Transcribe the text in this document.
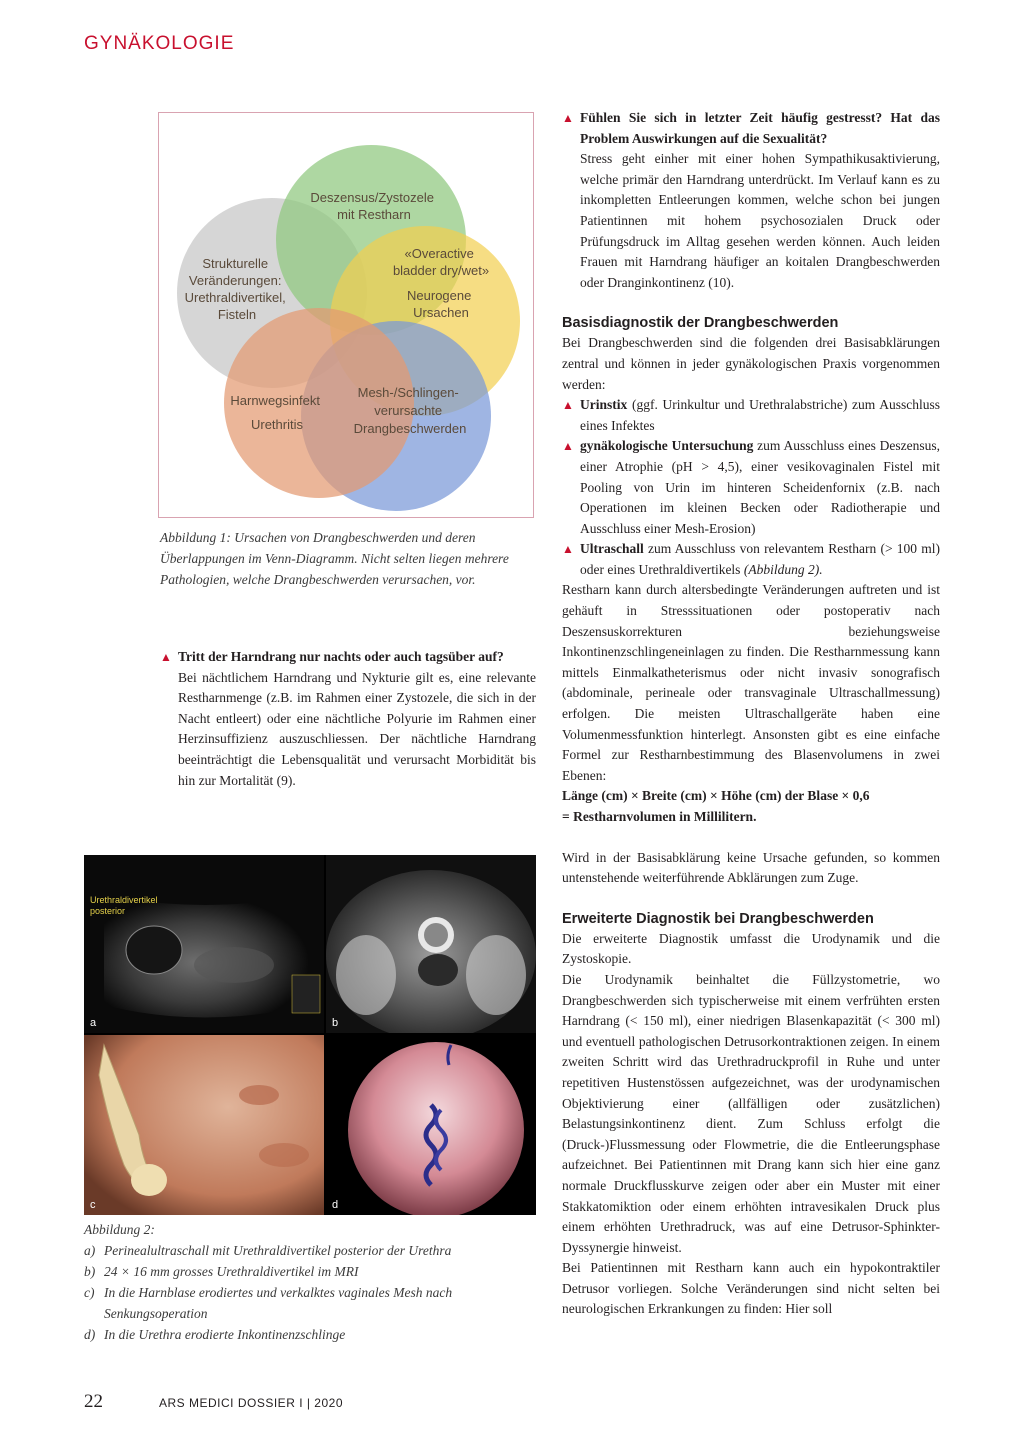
GYNÄKOLOGIE
Deszensus/Zystozele mit Restharn
Strukturelle Veränderungen: Urethraldivertikel, Fisteln
«Overactive bladder dry/wet»
Neurogene Ursachen
Harnwegsinfekt Urethritis
Mesh-/Schlingen- verursachte Drangbeschwerden
Abbildung 1: Ursachen von Drangbeschwerden und deren Überlappungen im Venn-Diagramm. Nicht selten liegen mehrere Pathologien, welche Drangbeschwerden verursachen, vor.
▲ Tritt der Harndrang nur nachts oder auch tagsüber auf?
Bei nächtlichem Harndrang und Nykturie gilt es, eine relevante Restharnmenge (z.B. im Rahmen einer Zystozele, die sich in der Nacht entleert) oder eine nächtliche Polyurie im Rahmen einer Herzinsuffizienz auszuschliessen. Der nächtliche Harndrang beeinträchtigt die Lebensqualität und verursacht Morbidität bis hin zur Mortalität (9).
Urethraldivertikel posterior
a	b
c	d
Abbildung 2:
a) Perinealultraschall mit Urethraldivertikel posterior der Urethra
b) 24 × 16 mm grosses Urethraldivertikel im MRI
c) In die Harnblase erodiertes und verkalktes vaginales Mesh nach Senkungsoperation
d) In die Urethra erodierte Inkontinenzschlinge
▲ Fühlen Sie sich in letzter Zeit häufig gestresst? Hat das Problem Auswirkungen auf die Sexualität?
Stress geht einher mit einer hohen Sympathikusaktivierung, welche primär den Harndrang unterdrückt. Im Verlauf kann es zu inkompletten Entleerungen kommen, welche schon bei jungen Patientinnen mit hohem psychosozialen Druck oder Prüfungsdruck im Alltag gesehen werden können. Auch leiden Frauen mit Harndrang häufiger an koitalen Drangbeschwerden oder Dranginkontinenz (10).
Basisdiagnostik der Drangbeschwerden

Bei Drangbeschwerden sind die folgenden drei Basisabklärungen zentral und können in jeder gynäkologischen Praxis vorgenommen werden:

▲ Urinstix (ggf. Urinkultur und Urethralabstriche) zum Ausschluss eines Infektes
▲ gynäkologische Untersuchung zum Ausschluss eines Deszensus, einer Atrophie (pH > 4,5), einer vesikovaginalen Fistel mit Pooling von Urin im hinteren Scheidenfornix (z.B. nach Operationen im kleinen Becken oder Radiotherapie und Ausschluss einer Mesh-Erosion)
▲ Ultraschall zum Ausschluss von relevantem Restharn (> 100 ml) oder eines Urethraldivertikels (Abbildung 2).

Restharn kann durch altersbedingte Veränderungen auftreten und ist gehäuft in Stresssituationen oder postoperativ nach Deszensuskorrekturen beziehungsweise Inkontinenzschlingeneinlagen zu finden. Die Restharnmessung kann mittels Einmalkatheterismus oder nicht invasiv sonografisch (abdominale, perineale oder transvaginale Ultraschallmessung) erfolgen. Die meisten Ultraschallgeräte haben eine Volumenmessfunktion hinterlegt. Ansonsten gibt es eine einfache Formel zur Restharnbestimmung des Blasenvolumens in zwei Ebenen:

Länge (cm) × Breite (cm) × Höhe (cm) der Blase × 0,6
= Restharnvolumen in Millilitern.

Wird in der Basisabklärung keine Ursache gefunden, so kommen untenstehende weiterführende Abklärungen zum Zuge.

Erweiterte Diagnostik bei Drangbeschwerden

Die erweiterte Diagnostik umfasst die Urodynamik und die Zystoskopie.

Die Urodynamik beinhaltet die Füllzystometrie, wo Drangbeschwerden sich typischerweise mit einem verfrühten ersten Harndrang (< 150 ml), einer niedrigen Blasenkapazität (< 300 ml) und eventuell pathologischen Detrusorkontraktionen zeigen. In einem zweiten Schritt wird das Urethradruckprofil in Ruhe und unter repetitiven Hustenstössen aufgezeichnet, was der urodynamischen Objektivierung einer (allfälligen oder zusätzlichen) Belastungsinkontinenz dient. Zum Schluss erfolgt die (Druck-)Flussmessung oder Flowmetrie, die die Entleerungsphase aufzeichnet. Bei Patientinnen mit Drang kann sich hier eine ganz normale Druckflusskurve zeigen oder aber ein Muster mit einer Stakkatomiktion oder einem erhöhten intravesikalen Druck plus einem erhöhten Urethradruck, was auf eine Detrusor-Sphinkter-Dyssynergie hinweist.

Bei Patientinnen mit Restharn kann auch ein hypokontraktiler Detrusor vorliegen. Solche Veränderungen sind nicht selten bei neurologischen Erkrankungen zu finden: Hier soll

22	ARS MEDICI DOSSIER I | 2020
